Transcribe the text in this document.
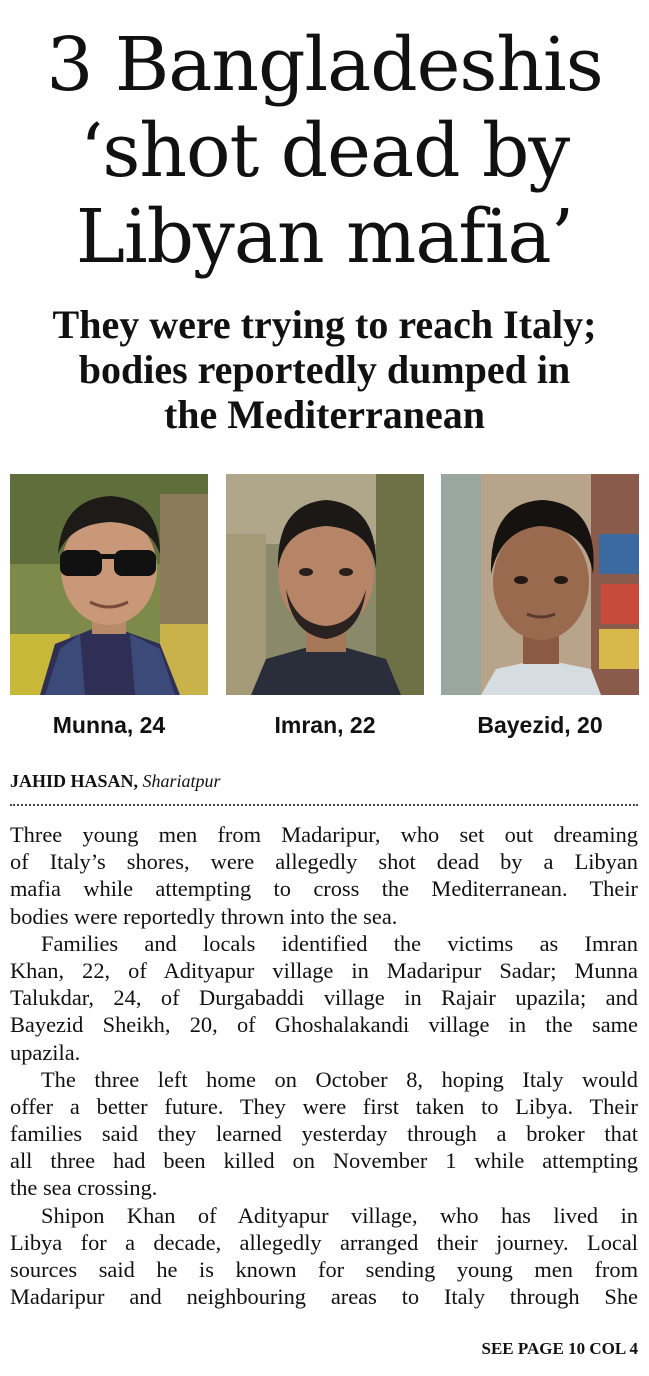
3 Bangladeshis
‘shot dead by
Libyan mafia’
They were trying to reach Italy;
bodies reportedly dumped in
the Mediterranean
Munna, 24	Imran, 22	Bayezid, 20
JAHID HASAN, Shariatpur
Three young men from Madaripur, who set out dreaming
of Italy’s shores, were allegedly shot dead by a Libyan
mafia while attempting to cross the Mediterranean. Their
bodies were reportedly thrown into the sea.
Families and locals identified the victims as Imran
Khan, 22, of Adityapur village in Madaripur Sadar; Munna
Talukdar, 24, of Durgabaddi village in Rajair upazila; and
Bayezid Sheikh, 20, of Ghoshalakandi village in the same
upazila.
The three left home on October 8, hoping Italy would
offer a better future. They were first taken to Libya. Their
families said they learned yesterday through a broker that
all three had been killed on November 1 while attempting
the sea crossing.
Shipon Khan of Adityapur village, who has lived in
Libya for a decade, allegedly arranged their journey. Local
sources said he is known for sending young men from
Madaripur and neighbouring areas to Italy through She
SEE PAGE 10 COL 4
